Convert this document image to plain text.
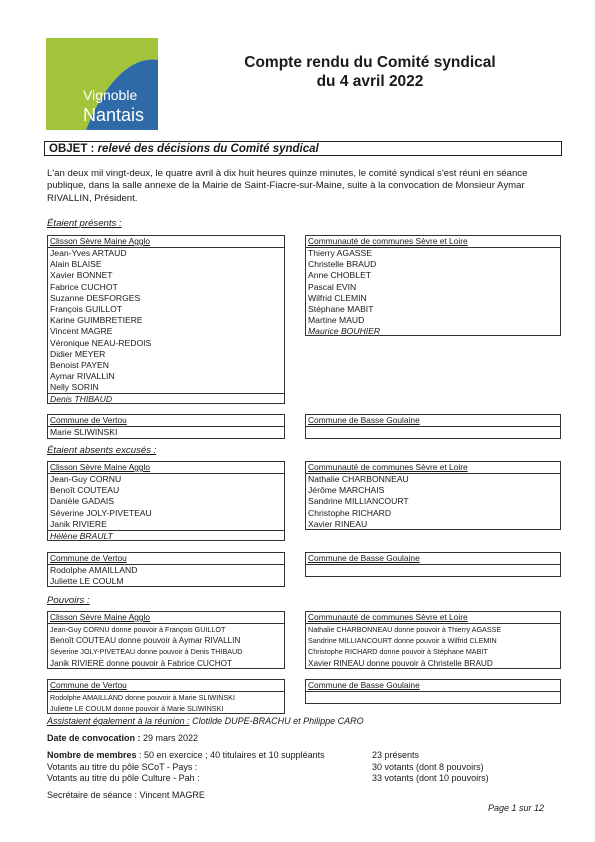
Vignoble
Nantais
Compte rendu du Comité syndical
du 4 avril 2022
OBJET : relevé des décisions du Comité syndical
L'an deux mil vingt-deux, le quatre avril à dix huit heures quinze minutes, le comité syndical s'est réuni en séance publique, dans la salle annexe de la Mairie de Saint-Fiacre-sur-Maine, suite à la convocation de Monsieur Aymar RIVALLIN, Président.
Étaient présents :
Clisson Sèvre Maine Agglo
Jean-Yves ARTAUD
Alain BLAISE
Xavier BONNET
Fabrice CUCHOT
Suzanne DESFORGES
François GUILLOT
Karine GUIMBRETIERE
Vincent MAGRE
Véronique NEAU-REDOIS
Didier MEYER
Benoist PAYEN
Aymar RIVALLIN
Nelly SORIN
Denis THIBAUD
Communauté de communes Sèvre et Loire
Thierry AGASSE
Christelle BRAUD
Anne CHOBLET
Pascal EVIN
Wilfrid CLEMIN
Stéphane MABIT
Martine MAUD
Maurice BOUHIER
Commune de Vertou
Marie SLIWINSKI
Commune de Basse Goulaine
Étaient absents excusés :
Clisson Sèvre Maine Agglo
Jean-Guy CORNU
Benoît COUTEAU
Danièle GADAIS
Séverine JOLY-PIVETEAU
Janik RIVIERE
Hélène BRAULT
Communauté de communes Sèvre et Loire
Nathalie CHARBONNEAU
Jérôme MARCHAIS
Sandrine MILLIANCOURT
Christophe RICHARD
Xavier RINEAU
Commune de Vertou
Rodolphe AMAILLAND
Juliette LE COULM
Commune de Basse Goulaine
Pouvoirs :
Clisson Sèvre Maine Agglo
Jean-Guy CORNU donne pouvoir à François GUILLOT
Benoît COUTEAU donne pouvoir à Aymar RIVALLIN
Séverine JOLY-PIVETEAU donne pouvoir à Denis THIBAUD
Janik RIVIERE donne pouvoir à Fabrice CUCHOT
Communauté de communes Sèvre et Loire
Nathalie CHARBONNEAU donne pouvoir à Thierry AGASSE
Sandrine MILLIANCOURT donne pouvoir à Wilfrid CLEMIN
Christophe RICHARD donne pouvoir à Stéphane MABIT
Xavier RINEAU donne pouvoir à Christelle BRAUD
Commune de Vertou
Rodolphe AMAILLAND donne pouvoir à Marie SLIWINSKI
Juliette LE COULM donne pouvoir à Marie SLIWINSKI
Commune de Basse Goulaine
Assistaient également à la réunion : Clotilde DUPE-BRACHU et Philippe CARO
Date de convocation : 29 mars 2022
Nombre de membres : 50 en exercice ; 40 titulaires et 10 suppléants	23 présents
Votants au titre du pôle SCoT - Pays :	30 votants (dont 8 pouvoirs)
Votants au titre du pôle Culture - Pah :	33 votants (dont 10 pouvoirs)
Secrétaire de séance : Vincent MAGRE
Page 1 sur 12
